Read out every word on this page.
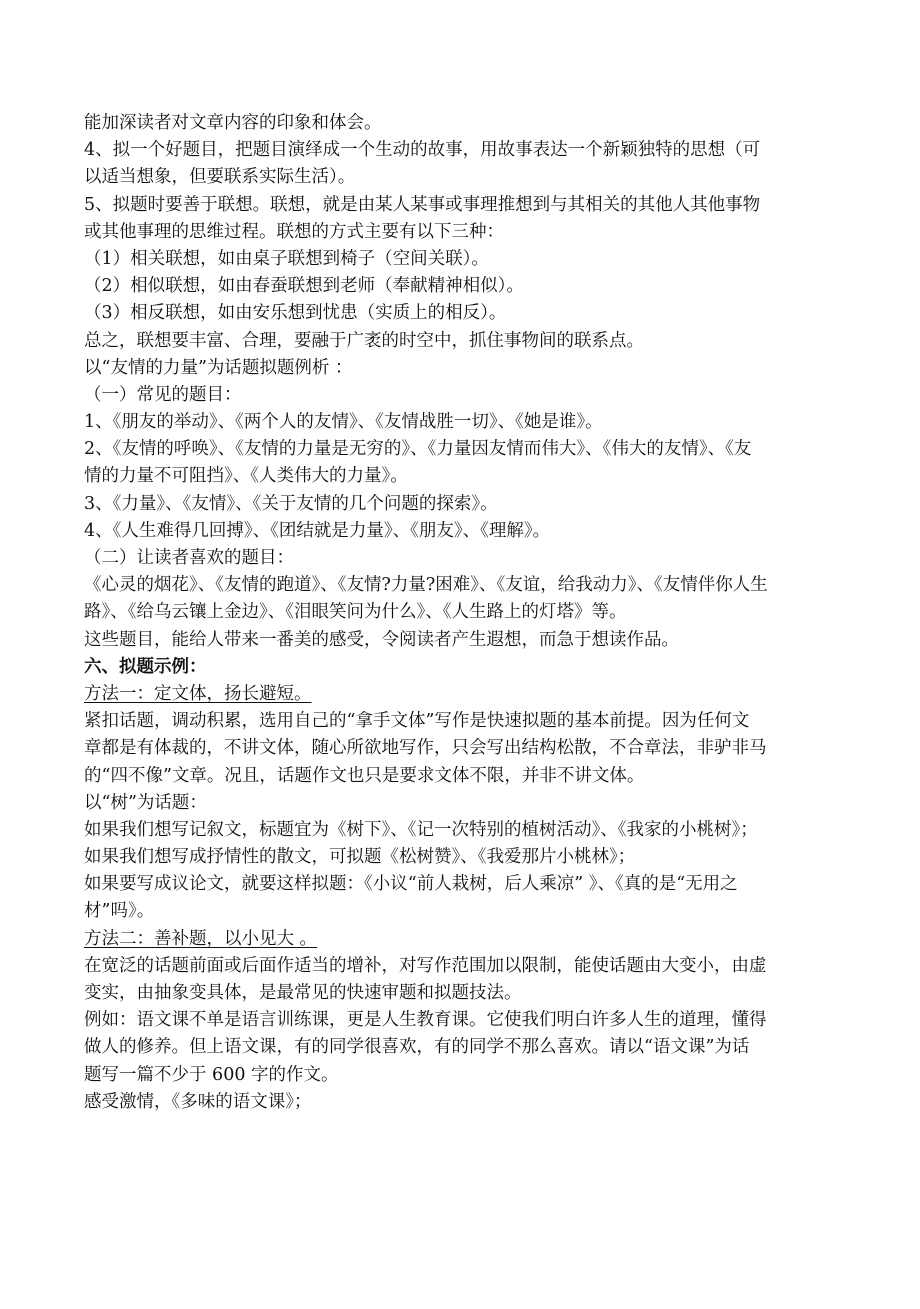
能加深读者对文章内容的印象和体会。

4、拟一个好题目，把题目演绎成一个生动的故事，用故事表达一个新颖独特的思想（可

以适当想象，但要联系实际生活）。

5、拟题时要善于联想。联想，就是由某人某事或事理推想到与其相关的其他人其他事物

或其他事理的思维过程。联想的方式主要有以下三种：

（1）相关联想，如由桌子联想到椅子（空间关联）。

（2）相似联想，如由春蚕联想到老师（奉献精神相似）。

（3）相反联想，如由安乐想到忧患（实质上的相反）。

总之，联想要丰富、合理，要融于广袤的时空中，抓住事物间的联系点。

以“友情的力量”为话题拟题例析 ：

（一）常见的题目：

1、《朋友的举动》、《两个人的友情》、《友情战胜一切》、《她是谁》。

2、《友情的呼唤》、《友情的力量是无穷的》、《力量因友情而伟大》、《伟大的友情》、《友

情的力量不可阻挡》、《人类伟大的力量》。

3、《力量》、《友情》、《关于友情的几个问题的探索》。

4、《人生难得几回搏》、《团结就是力量》、《朋友》、《理解》。

（二）让读者喜欢的题目：

《心灵的烟花》、《友情的跑道》、《友情?力量?困难》、《友谊，给我动力》、《友情伴你人生

路》、《给乌云镶上金边》、《泪眼笑问为什么》、《人生路上的灯塔》等。

这些题目，能给人带来一番美的感受，令阅读者产生遐想，而急于想读作品。

六、拟题示例：

方法一：定文体，扬长避短。

紧扣话题，调动积累，选用自己的“拿手文体”写作是快速拟题的基本前提。因为任何文

章都是有体裁的，不讲文体，随心所欲地写作，只会写出结构松散，不合章法，非驴非马

的“四不像”文章。况且，话题作文也只是要求文体不限，并非不讲文体。

以“树”为话题：

如果我们想写记叙文，标题宜为《树下》、《记一次特别的植树活动》、《我家的小桃树》；

如果我们想写成抒情性的散文，可拟题《松树赞》、《我爱那片小桃林》；

如果要写成议论文，就要这样拟题：《小议“前人栽树，后人乘凉” 》、《真的是“无用之

材”吗》。

方法二：善补题，以小见大 。

在宽泛的话题前面或后面作适当的增补，对写作范围加以限制，能使话题由大变小，由虚

变实，由抽象变具体，是最常见的快速审题和拟题技法。

例如：语文课不单是语言训练课，更是人生教育课。它使我们明白许多人生的道理，懂得

做人的修养。但上语文课，有的同学很喜欢，有的同学不那么喜欢。请以“语文课”为话

题写一篇不少于 600 字的作文。

感受激情，《多味的语文课》；
